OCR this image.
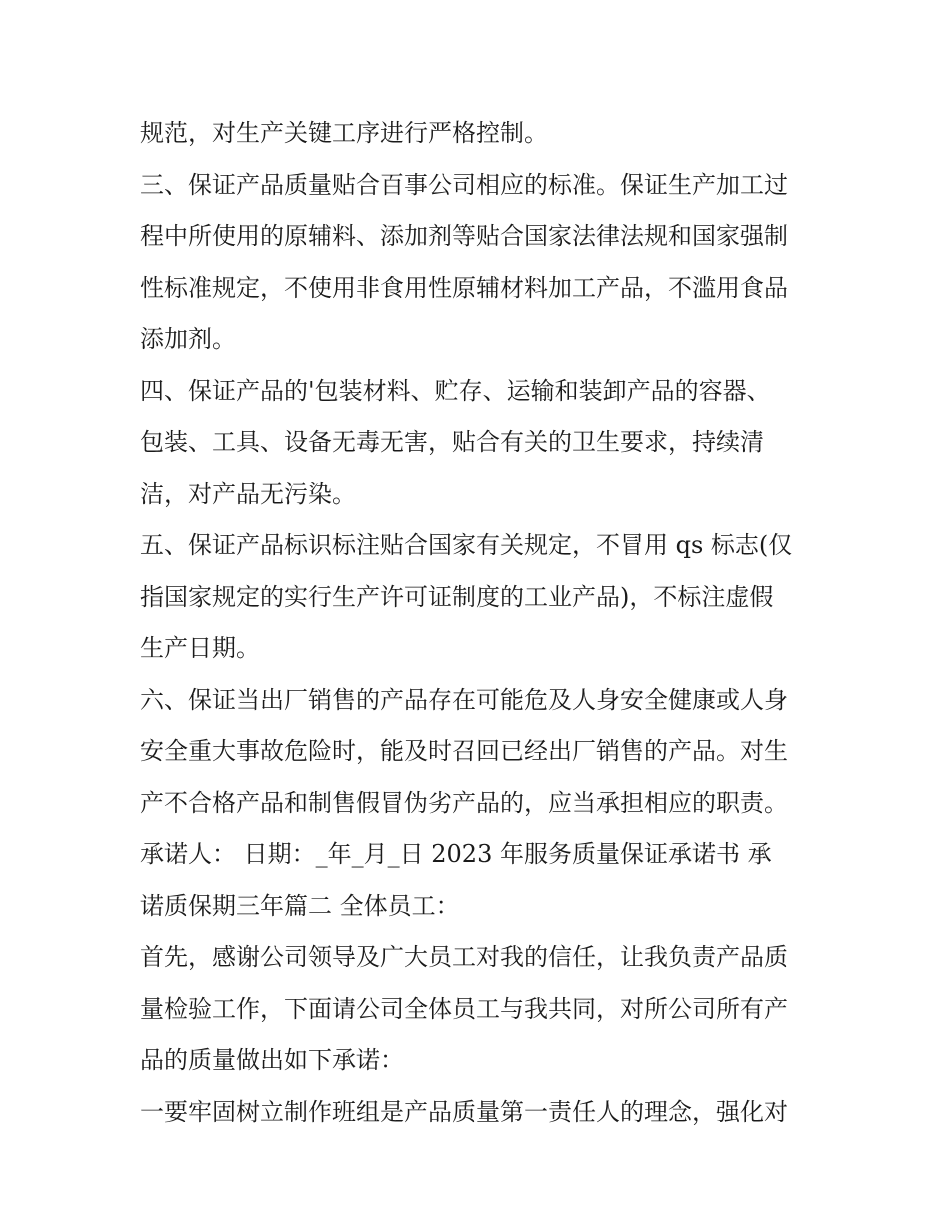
规范，对生产关键工序进行严格控制。
三、保证产品质量贴合百事公司相应的标准。保证生产加工过
程中所使用的原辅料、添加剂等贴合国家法律法规和国家强制
性标准规定，不使用非食用性原辅材料加工产品，不滥用食品
添加剂。
四、保证产品的'包装材料、贮存、运输和装卸产品的容器、
包装、工具、设备无毒无害，贴合有关的卫生要求，持续清
洁，对产品无污染。
五、保证产品标识标注贴合国家有关规定，不冒用 qs 标志(仅
指国家规定的实行生产许可证制度的工业产品)，不标注虚假
生产日期。
六、保证当出厂销售的产品存在可能危及人身安全健康或人身
安全重大事故危险时，能及时召回已经出厂销售的产品。对生
产不合格产品和制售假冒伪劣产品的，应当承担相应的职责。
承诺人： 日期：_年_月_日 2023 年服务质量保证承诺书 承
诺质保期三年篇二 全体员工：
首先，感谢公司领导及广大员工对我的信任，让我负责产品质
量检验工作，下面请公司全体员工与我共同，对所公司所有产
品的质量做出如下承诺：
一要牢固树立制作班组是产品质量第一责任人的理念，强化对
